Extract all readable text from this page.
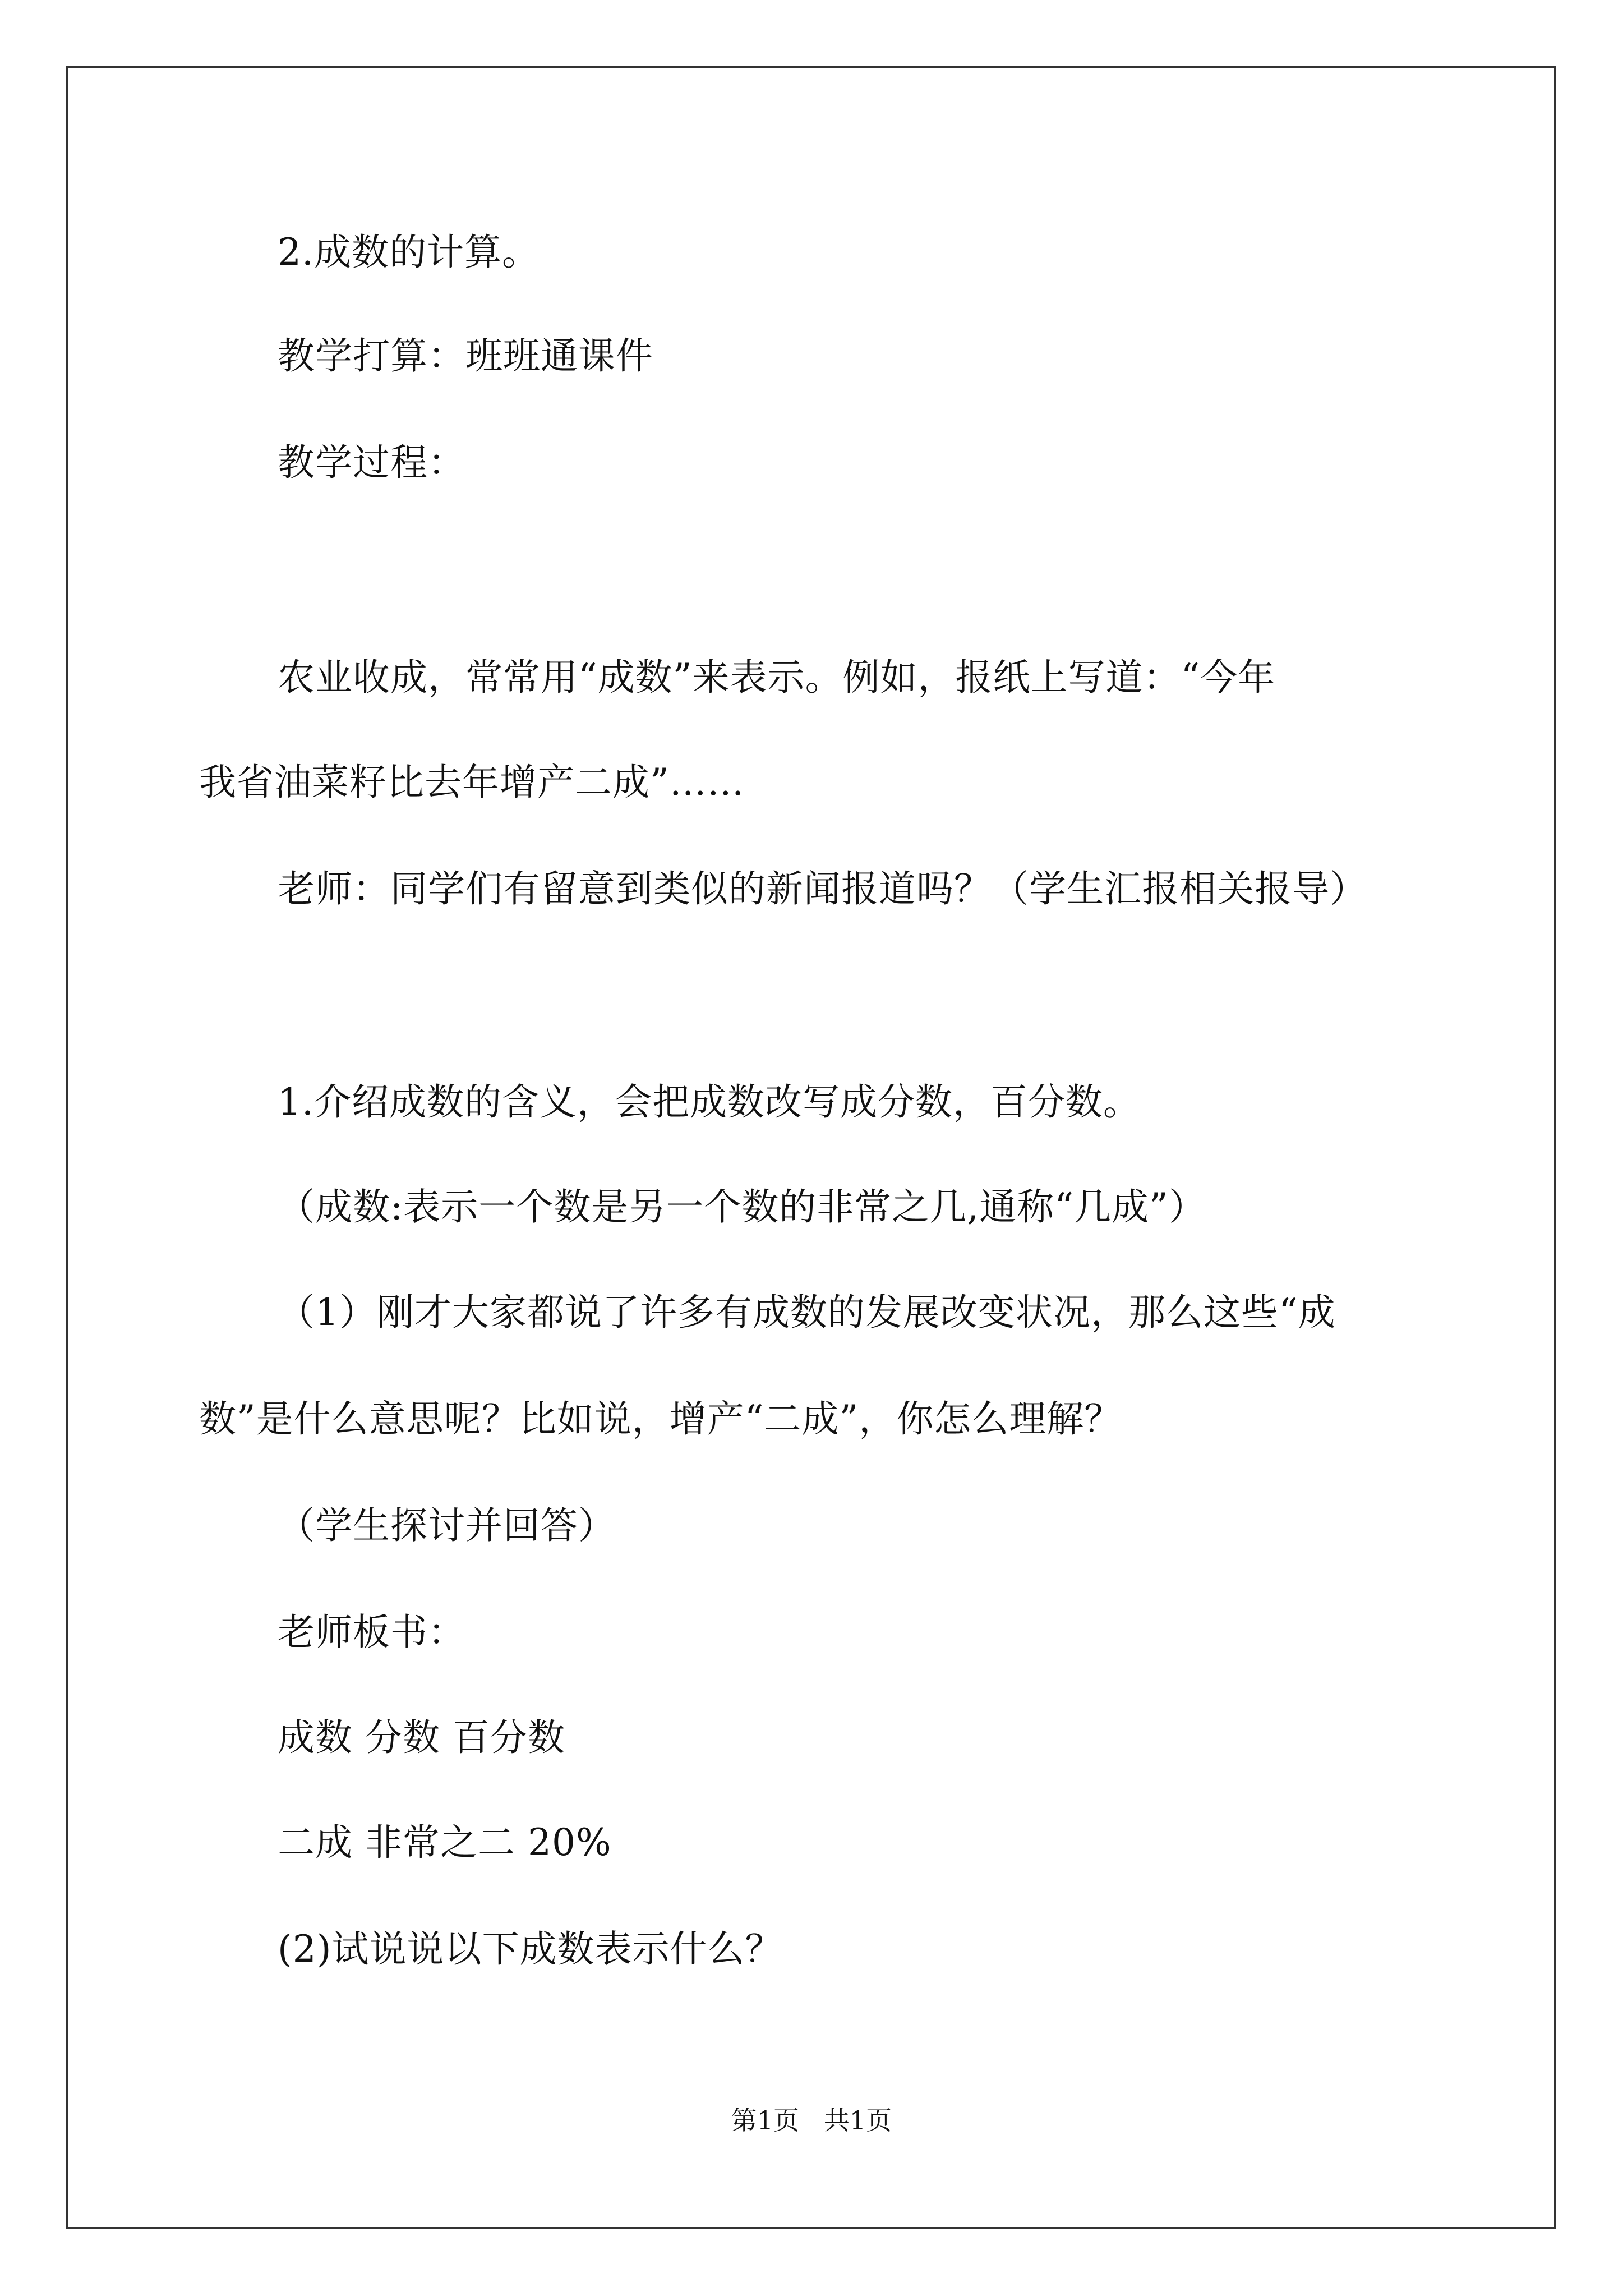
2.成数的计算。
教学打算：班班通课件
教学过程：
农业收成，常常用“成数”来表示。例如，报纸上写道：“今年
我省油菜籽比去年增产二成”……
老师：同学们有留意到类似的新闻报道吗？（学生汇报相关报导）
1.介绍成数的含义，会把成数改写成分数，百分数。
（成数:表示一个数是另一个数的非常之几,通称“几成”）
（1）刚才大家都说了许多有成数的发展改变状况，那么这些“成
数”是什么意思呢？比如说，增产“二成”，你怎么理解？
（学生探讨并回答）
老师板书：
成数 分数 百分数
二成 非常之二 20%
(2)试说说以下成数表示什么？
第1页   共1页
